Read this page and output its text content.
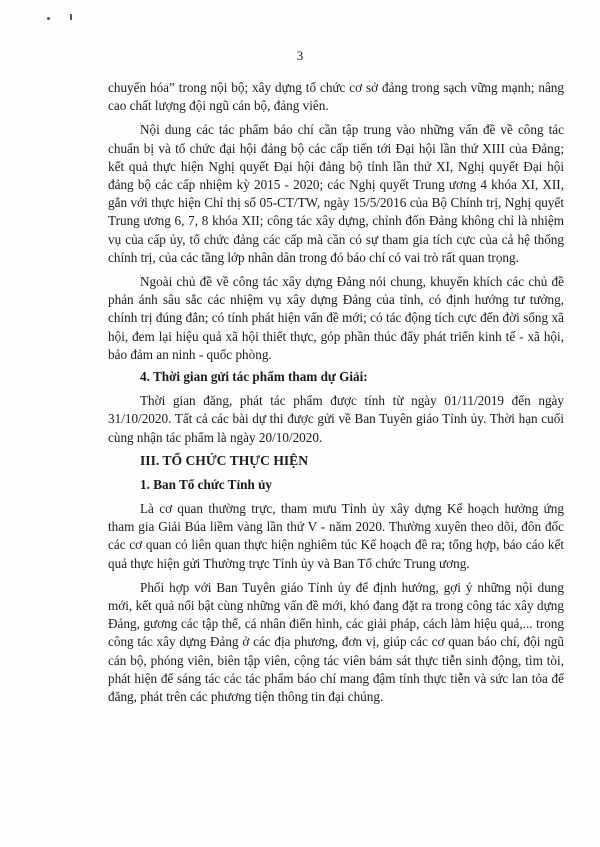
3

chuyển hóa” trong nội bộ; xây dựng tổ chức cơ sở đảng trong sạch vững mạnh; nâng cao chất lượng đội ngũ cán bộ, đảng viên.

Nội dung các tác phẩm báo chí cần tập trung vào những vấn đề về công tác chuẩn bị và tổ chức đại hội đảng bộ các cấp tiến tới Đại hội lần thứ XIII của Đảng; kết quả thực hiện Nghị quyết Đại hội đảng bộ tỉnh lần thứ XI, Nghị quyết Đại hội đảng bộ các cấp nhiệm kỳ 2015 - 2020; các Nghị quyết Trung ương 4 khóa XI, XII, gắn với thực hiện Chỉ thị số 05-CT/TW, ngày 15/5/2016 của Bộ Chính trị, Nghị quyết Trung ương 6, 7, 8 khóa XII; công tác xây dựng, chỉnh đốn Đảng không chỉ là nhiệm vụ của cấp ủy, tổ chức đảng các cấp mà cần có sự tham gia tích cực của cả hệ thống chính trị, của các tầng lớp nhân dân trong đó báo chí có vai trò rất quan trọng.

Ngoài chủ đề về công tác xây dựng Đảng nói chung, khuyến khích các chủ đề phản ánh sâu sắc các nhiệm vụ xây dựng Đảng của tỉnh, có định hướng tư tưởng, chính trị đúng đắn; có tính phát hiện vấn đề mới; có tác động tích cực đến đời sống xã hội, đem lại hiệu quả xã hội thiết thực, góp phần thúc đẩy phát triển kinh tế - xã hội, bảo đảm an ninh - quốc phòng.

4. Thời gian gửi tác phẩm tham dự Giải:

Thời gian đăng, phát tác phẩm được tính từ ngày 01/11/2019 đến ngày 31/10/2020. Tất cả các bài dự thi được gửi về Ban Tuyên giáo Tỉnh ủy. Thời hạn cuối cùng nhận tác phẩm là ngày 20/10/2020.

III. TỔ CHỨC THỰC HIỆN

1. Ban Tổ chức Tỉnh ủy

Là cơ quan thường trực, tham mưu Tỉnh ủy xây dựng Kế hoạch hưởng ứng tham gia Giải Búa liềm vàng lần thứ V - năm 2020. Thường xuyên theo dõi, đôn đốc các cơ quan có liên quan thực hiện nghiêm túc Kế hoạch đề ra; tổng hợp, báo cáo kết quả thực hiện gửi Thường trực Tỉnh ủy và Ban Tổ chức Trung ương.

Phối hợp với Ban Tuyên giáo Tỉnh ủy để định hướng, gợi ý những nội dung mới, kết quả nổi bật cùng những vấn đề mới, khó đang đặt ra trong công tác xây dựng Đảng, gương các tập thể, cá nhân điển hình, các giải pháp, cách làm hiệu quả,... trong công tác xây dựng Đảng ở các địa phương, đơn vị, giúp các cơ quan báo chí, đội ngũ cán bộ, phóng viên, biên tập viên, cộng tác viên bám sát thực tiễn sinh động, tìm tòi, phát hiện để sáng tác các tác phẩm báo chí mang đậm tính thực tiễn và sức lan tỏa để đăng, phát trên các phương tiện thông tin đại chúng.
